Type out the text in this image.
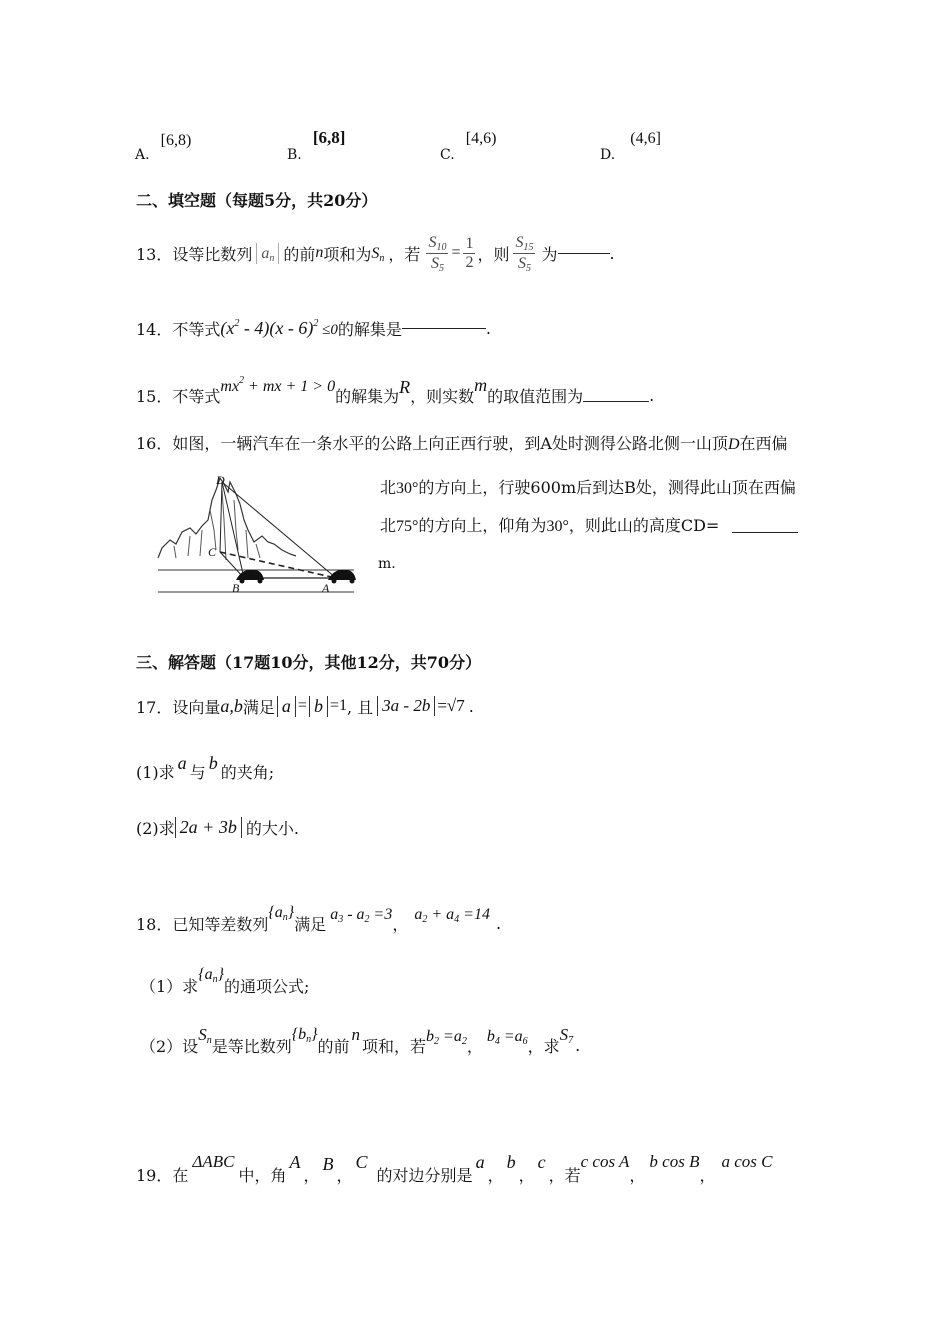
A. [6,8)
B. [6,8]
C. [4,6)
D. (4,6]
二、填空题（每题5分，共20分）
13． 设等比数列 $a_n$ 的前 n 项和为 $S_n$ ，若 $\frac{S_{10}}{S_5} = \frac{1}{2}$ ，则 $\frac{S_{15}}{S_5}$ 为	.
14． 不等式 $(x^2 - 4)(x - 6)^2 \le 0$ 的解集是	.
15． 不等式
$mx^2$ + mx + 1 > 0
的解集为 R ，则实数
m
的取值范围为	.
16．如图，一辆汽车在一条水平的公路上向正西行驶，到A处时测得公路北侧一山顶D在西偏
北30°的方向上，行驶600m后到达B处，测得此山顶在西偏
北75°的方向上，仰角为30°，则此山的高度CD=
m.
D
C
B	A
三、解答题（17题10分，其他12分，共70分）
17． 设向量 a,b 满足 a = b =1 , 且 3a - 2b =√7 .
(1)求 a 与 b 的夹角;
(2)求 2a + 3b 的大小.
18． 已知等差数列
$\{a_n\}$
满足
$a_3 - a_2 =3$
，
$a_2 + a_4 =14$ .
（1）求
$\{a_n\}$
的通项公式;
（2）设
$S_n$ 是等比数列
$\{b_n\}$
的前
n
项和，若
$b_2 =a_2$ ，
$b_4 =a_6$ ，求
$S_7$ .
19． 在
ΔABC
中，角
A
，
B
，
C
的对边分别是
a
，
b
，
c
，若
c cos A
，
b cos B
，
a cos C
